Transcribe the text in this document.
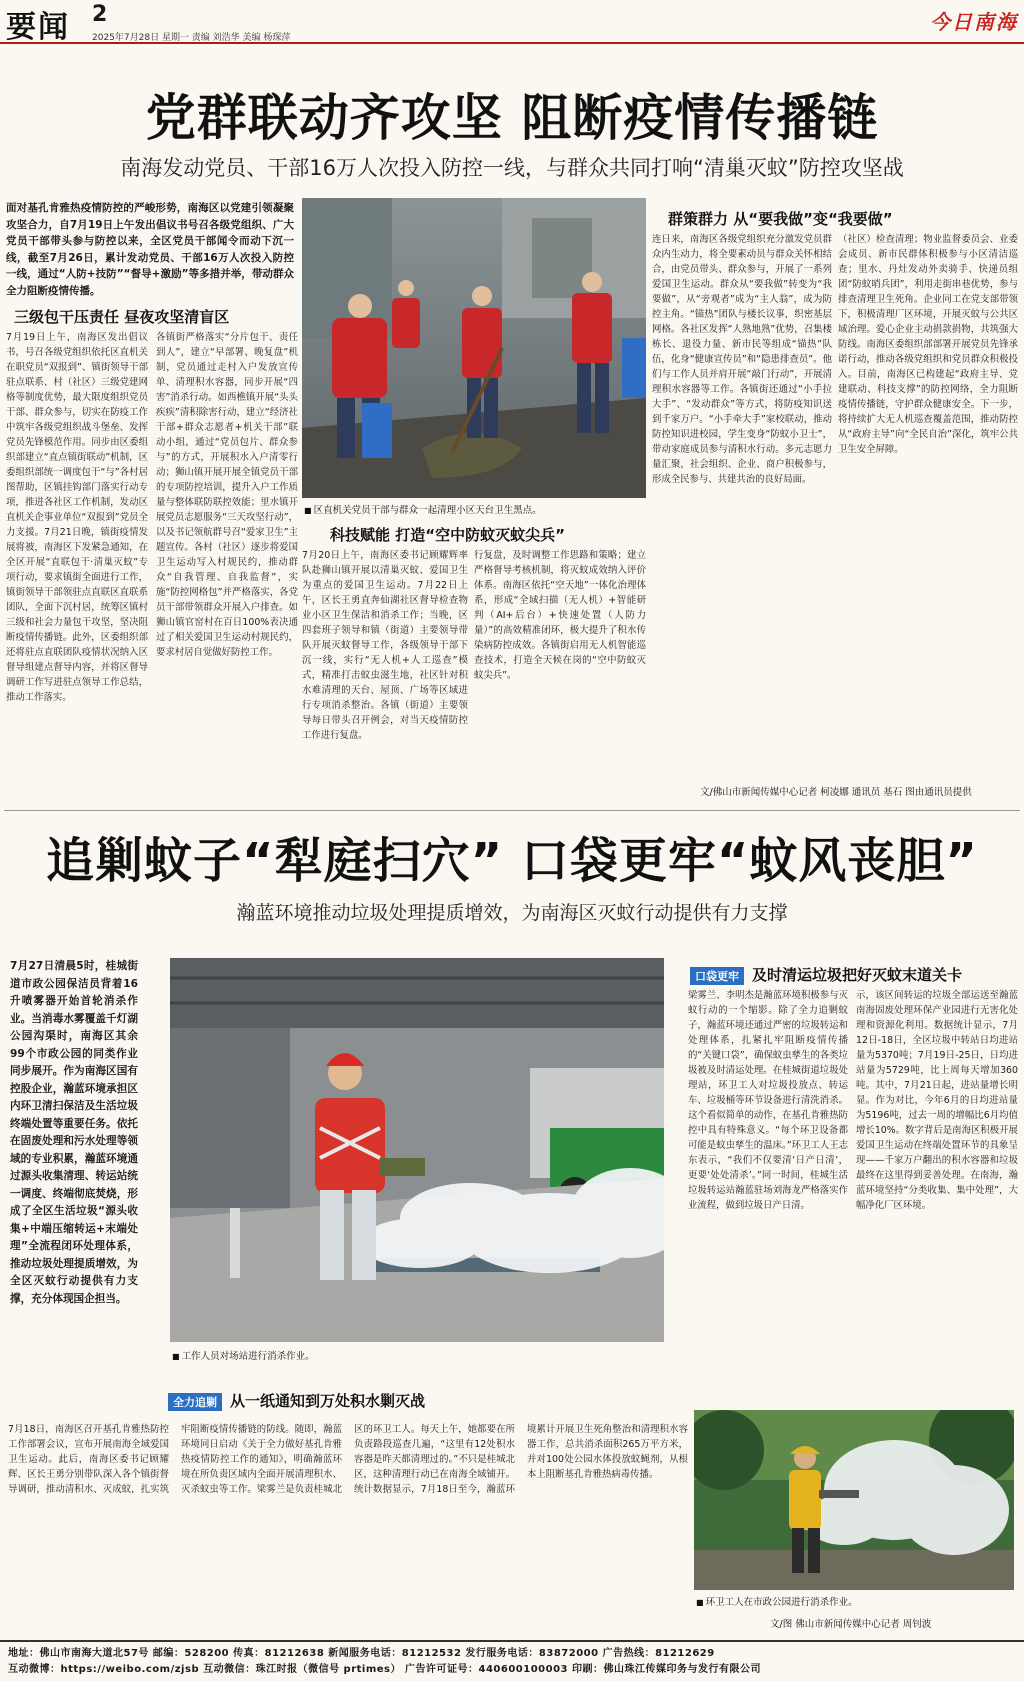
要闻 2
2025年7月28日 星期一 责编 刘浩华 美编 杨琛萍
今日南海
党群联动齐攻坚 阻断疫情传播链
南海发动党员、干部16万人次投入防控一线，与群众共同打响“清巢灭蚊”防控攻坚战
面对基孔肯雅热疫情防控的严峻形势，南海区以党建引领凝聚攻坚合力，自7月19日上午发出倡议书号召各级党组织、广大党员干部带头参与防控以来，全区党员干部闻令而动下沉一线，截至7月26日，累计发动党员、干部16万人次投入防控一线，通过“人防+技防”“督导+激励”等多措并举，带动群众全力阻断疫情传播。
三级包干压责任 昼夜攻坚清盲区
7月19日上午，南海区发出倡议书，号召各级党组织依托区直机关在职党员“双报到”、镇街领导干部驻点联系、村（社区）三级党建网格等制度优势，最大限度组织党员干部、群众参与，切实在防疫工作中筑牢各级党组织战斗堡垒、发挥党员先锋模范作用。同步由区委组织部建立“直点镇街联动”机制，区委组织部统一调度包干“与”各村居图帮助，区镇挂钩部门落实行动专项，推进各社区工作机制，发动区直机关企事业单位“双报到”党员全力支援。7月21日晚，镇街疫情发展将被，南海区下发紧急通知，在全区开展“直联包干·清巢灭蚊”专项行动，要求镇街全面进行工作，镇街领导干部领驻点直联区直联系团队，全面下沉村居，统筹区镇村三级和社会力量包干攻坚，坚决阻断疫情传播链。此外，区委组织部还将驻点直联团队疫情状况纳入区督导组建点督导内容，并将区督导调研工作写进驻点领导工作总结，推动工作落实。
各镇街严格落实“分片包干、责任到人”，建立“早部署、晚复盘”机制，党员通过走村入户发放宣传单、清理积水容器，同步开展“四害”消杀行动。如西樵镇开展“头头疾疾”清积除害行动，建立“经济社干部+群众志愿者+机关干部”联动小组，通过“党员包片、群众参与”的方式，开展积水入户清零行动；狮山镇开展开展全镇党员干部的专项防控培训，提升入户工作质量与整体联防联控效能；里水镇开展党员志愿服务“三天攻坚行动”，以及书记领航群号召“爱家卫生”主题宣传。各村（社区）逐步将爱国卫生运动写入村规民约，推动群众“自我管理、自我监督”，实施“防控网格包”并严格落实，各党员干部带领群众开展入户排查。如狮山镇官窑村在百日100%表决通过了相关爱国卫生运动村规民约，要求村居自觉做好防控工作。
■ 区直机关党员干部与群众一起清理小区天台卫生黑点。
科技赋能 打造“空中防蚊灭蚊尖兵”
7月20日上午，南海区委书记顾耀辉率队赴狮山镇开展以清巢灭蚊、爱国卫生为重点的爱国卫生运动。7月22日上午，区长王勇直奔仙湖社区督导检查物业小区卫生保洁和消杀工作；当晚，区四套班子领导和镇（街道）主要领导带队开展灭蚊督导工作，各级领导干部下沉一线，实行“无人机+人工巡查”模式，精准打击蚊虫滋生地，社区针对积水难清理的天台、屋顶、广场等区域进行专项消杀整治。各镇（街道）主要领导每日带头召开例会，对当天疫情防控工作进行复盘。
行复盘，及时调整工作思路和策略；建立严格督导考核机制，将灭蚊成效纳入评价体系。南海区依托“空天地”一体化治理体系，形成“全域扫描（无人机）+智能研判（AI+后台）+快速处置（人防力量）”的高效精准闭环，极大提升了积水传染病防控成效。各镇街启用无人机智能巡查技术，打造全天候在岗的“空中防蚊灭蚊尖兵”。
群策群力 从“要我做”变“我要做”
连日来，南海区各级党组织充分激发党员群众内生动力，将全要素动员与群众关怀相结合，由党员带头、群众参与，开展了一系列爱国卫生运动。群众从“要我做”转变为“我要做”，从“旁观者”成为“主人翁”，成为防控主角。“锚热”团队与楼长议事，织密基层网格。各社区发挥“人熟地熟”优势，召集楼栋长、退役力量、新市民等组成“锚热”队伍，化身“健康宣传员”和“隐患排查员”。他们与工作人员并肩开展“敲门行动”，开展清理积水容器等工作。各镇街还通过“小手拉大手”、“发动群众”等方式，将防疫知识送到千家万户。“小手牵大手”家校联动，推动防控知识进校园，学生变身“防蚊小卫士”，带动家庭成员参与清积水行动。多元志愿力量汇聚，社会组织、企业、商户积极参与，形成全民参与、共建共治的良好局面。
（社区）检查清理；物业监督委员会、业委会成员、新市民群体积极参与小区清洁巡查；里水、丹灶发动外卖骑手、快递员组团“防蚊哨兵团”，利用走街串巷优势，参与排查清理卫生死角。企业同工在党支部带领下，积极清理厂区环境，开展灭蚊与公共区域治理。爱心企业主动捐款捐物，共筑强大防线。南海区委组织部部署开展党员先锋承诺行动，推动各级党组织和党员群众积极投入。目前，南海区已构建起“政府主导、党建联动、科技支撑”的防控网络，全力阻断疫情传播链，守护群众健康安全。下一步，将持续扩大无人机巡查覆盖范围，推动防控从“政府主导”向“全民自治”深化，筑牢公共卫生安全屏障。
文/佛山市新闻传媒中心记者 柯凌娜 通讯员 基石 图由通讯员提供
追剿蚊子“犁庭扫穴” 口袋更牢“蚊风丧胆”
瀚蓝环境推动垃圾处理提质增效，为南海区灭蚊行动提供有力支撑
7月27日清晨5时，桂城街道市政公园保洁员背着16升喷雾器开始首轮消杀作业。当消毒水雾覆盖千灯湖公园沟渠时，南海区其余99个市政公园的同类作业同步展开。作为南海区国有控股企业，瀚蓝环境承担区内环卫清扫保洁及生活垃圾终端处置等重要任务。依托在固废处理和污水处理等领域的专业积累，瀚蓝环境通过源头收集清理、转运站统一调度、终端彻底焚烧，形成了全区生活垃圾“源头收集+中端压缩转运+末端处理”全流程闭环处理体系，推动垃圾处理提质增效，为全区灭蚊行动提供有力支撑，充分体现国企担当。
■ 工作人员对场站进行消杀作业。
口袋更牢 及时清运垃圾把好灭蚊末道关卡
梁雾兰、李明杰是瀚蓝环境积极参与灭蚊行动的一个缩影。除了全力追剿蚊子，瀚蓝环境还通过严密的垃圾转运和处理体系，扎紧扎牢阻断疫情传播的“关键口袋”，确保蚊虫孳生的各类垃圾被及时清运处理。在桂城街道垃圾处理站，环卫工人对垃圾投放点、转运车、垃圾桶等环节设备进行清洗消杀。这个看似简单的动作，在基孔肯雅热防控中具有特殊意义。“每个环卫设备都可能是蚊虫孳生的温床。”环卫工人王志东表示，“我们不仅要清‘日产日清’，更要‘处处清杀’。”同一时间，桂城生活垃圾转运站瀚蓝驻场刘海龙严格落实作业流程，做到垃圾日产日清。
示，该区间转运的垃圾全部运送至瀚蓝南海固废处理环保产业园进行无害化处理和资源化利用。数据统计显示，7月12日-18日，全区垃圾中转站日均进站量为5370吨；7月19日-25日，日均进站量为5729吨，比上周每天增加360吨。其中，7月21日起，进站量增长明显。作为对比，今年6月的日均进站量为5196吨，过去一周的增幅比6月均值增长10%。数字背后是南海区积极开展爱国卫生运动在终端处置环节的具象呈现——千家万户翻出的积水容器和垃圾最终在这里得到妥善处理。在南海，瀚蓝环境坚持“分类收集、集中处理”，大幅净化厂区环境。
全力追剿 从一纸通知到万处积水剿灭战
7月18日，南海区召开基孔肯雅热防控工作部署会议，宣布开展南海全域爱国卫生运动。此后，南海区委书记顾耀辉、区长王勇分别带队深入各个镇街督导调研，推动清积水、灭成蚊，扎实筑牢阻断疫情传播链的防线。随即，瀚蓝环境同日启动《关于全力做好基孔肯雅热疫情防控工作的通知》，明确瀚蓝环境在所负责区域内全面开展清理积水、灭杀蚊虫等工作。梁雾兰是负责桂城北区的环卫工人。每天上午，她都要在所负责路段巡查几遍，“这里有12处积水容器是昨天都清理过的。”不只是桂城北区，这种清理行动已在南海全域铺开。统计数据显示，7月18日至今，瀚蓝环境累计开展卫生死角整治和清理积水容器工作，总共消杀面积265万平方米，并对100处公园水体投放蚊蝇剂，从根本上阻断基孔肯雅热病毒传播。
■ 环卫工人在市政公园进行消杀作业。
文/图 佛山市新闻传媒中心记者 周钊波
地址：佛山市南海大道北57号 邮编：528200 传真：81212638 新闻服务电话：81212532 发行服务电话：83872000 广告热线：81212629
互动微博：https://weibo.com/zjsb 互动微信：珠江时报（微信号 prtimes） 广告许可证号：440600100003 印刷：佛山珠江传媒印务与发行有限公司
